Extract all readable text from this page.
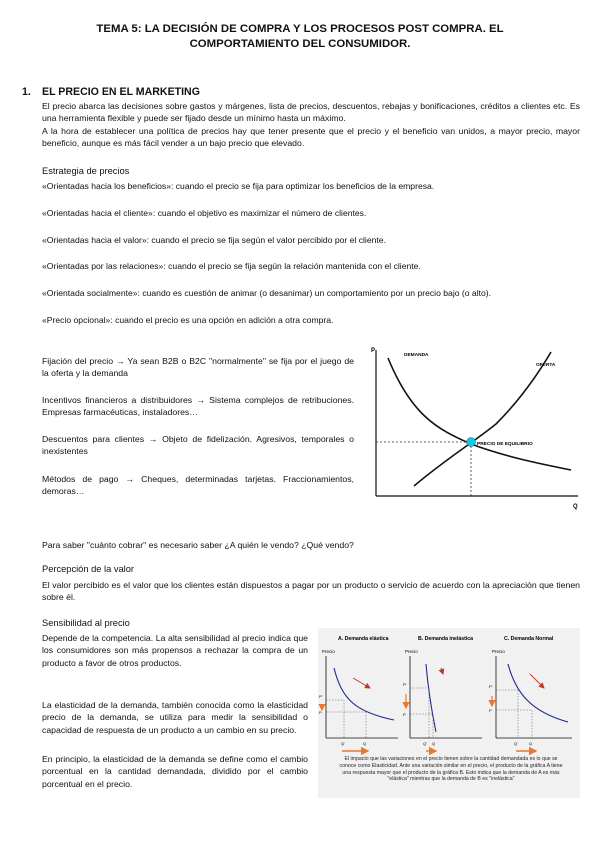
TEMA 5: LA DECISIÓN DE COMPRA Y LOS PROCESOS POST COMPRA. EL
COMPORTAMIENTO DEL CONSUMIDOR.
1. EL PRECIO EN EL MARKETING
El precio abarca las decisiones sobre gastos y márgenes, lista de precios, descuentos, rebajas y bonificaciones, créditos a clientes etc. Es una herramienta flexible y puede ser fijado desde un mínimo hasta un máximo.
A la hora de establecer una política de precios hay que tener presente que el precio y el beneficio van unidos, a mayor precio, mayor beneficio, aunque es más fácil vender a un bajo precio que elevado.
Estrategia de precios
«Orientadas hacia los beneficios»: cuando el precio se fija para optimizar los beneficios de la empresa.
«Orientadas hacia el cliente»: cuando el objetivo es maximizar el número de clientes.
«Orientadas hacia el valor»: cuando el precio se fija según el valor percibido por el cliente.
«Orientadas por las relaciones»: cuando el precio se fija según la relación mantenida con el cliente.
«Orientada socialmente»: cuando es cuestión de animar (o desanimar) un comportamiento por un precio bajo (o alto).
«Precio opcional»: cuando el precio es una opción en adición a otra compra.
Fijación del precio → Ya sean B2B o B2C "normalmente" se fija por el juego de la oferta y la demanda
Incentivos financieros a distribuidores → Sistema complejos de retribuciones. Empresas farmacéuticas, instaladores…
Descuentos para clientes → Objeto de fidelización. Agresivos, temporales o inexistentes
Métodos de pago → Cheques, determinadas tarjetas. Fraccionamientos, demoras…
P
Q
DEMANDA
OFERTA
PRECIO DE EQUILIBRIO
Para saber "cuánto cobrar" es necesario saber ¿A quién le vendo? ¿Qué vendo?
Percepción de la valor
El valor percibido es el valor que los clientes están dispuestos a pagar por un producto o servicio de acuerdo con la apreciación que tienen sobre él.
Sensibilidad al precio
Depende de la competencia. La alta sensibilidad al precio indica que los consumidores son más propensos a rechazar la compra de un producto a favor de otros productos.
La elasticidad de la demanda, también conocida como la elasticidad precio de la demanda, se utiliza para medir la sensibilidad o capacidad de respuesta de un producto a un cambio en su precio.
En principio, la elasticidad de la demanda se define como el cambio porcentual en la cantidad demandada, dividido por el cambio porcentual en el precio.
A. Demanda elástica
Precio
P'
P
Q'	Q
B. Demanda inelástica
Precio
P'
P
Q' Q
C. Demanda Normal
Precio
P'
P
Q'	Q
El impacto que las variaciones en el precio tienen sobre la cantidad demandada es lo que se conoce como Elasticidad. Ante una variación similar en el precio, el producto de la gráfica A tiene una respuesta mayor que el producto de la gráfica B. Esto indica que la demanda de A es más "elástica" mientras que la demanda de B es "inelástica"
